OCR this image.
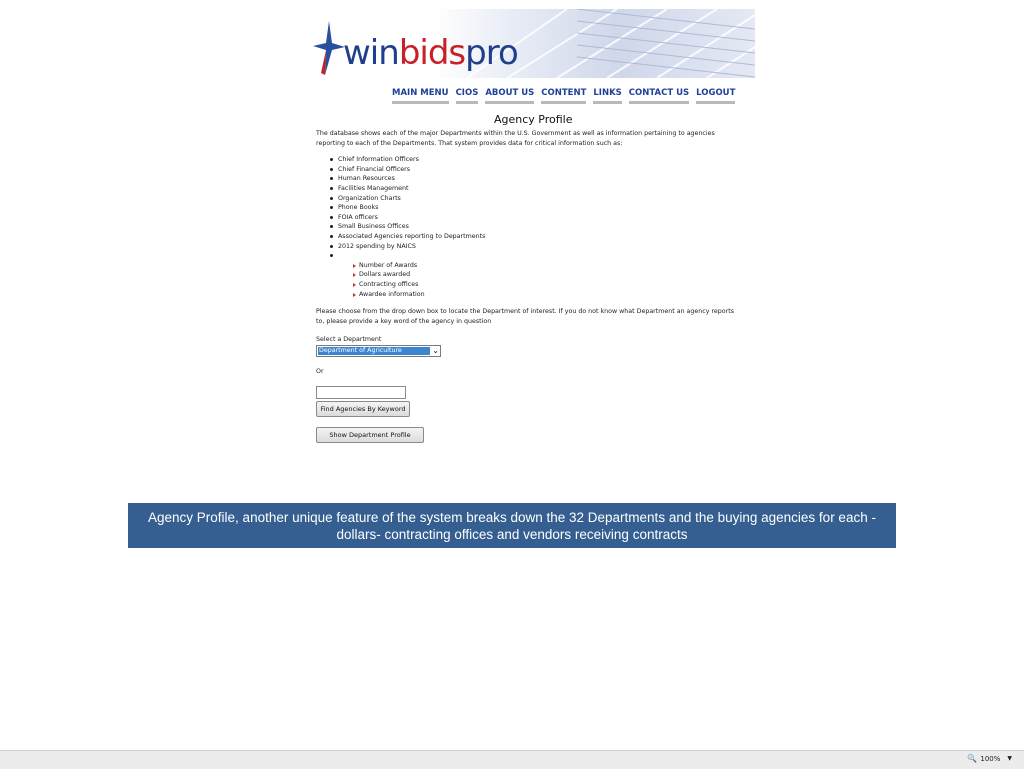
winbidspro
MAIN MENU CIOS ABOUT US CONTENT LINKS CONTACT US LOGOUT
Agency Profile

The database shows each of the major Departments within the U.S. Government as well as information pertaining to agencies reporting to each of the Departments. That system provides data for critical information such as:

Chief Information Officers
Chief Financial Officers
Human Resources
Facilities Management
Organization Charts
Phone Books
FOIA officers
Small Business Offices
Associated Agencies reporting to Departments
2012 spending by NAICS
Number of Awards
Dollars awarded
Contracting offices
Awardee information

Please choose from the drop down box to locate the Department of interest. If you do not know what Department an agency reports to, please provide a key word of the agency in question

Select a Department
Department of Agriculture	⌄
Or
Find Agencies By Keyword
Show Department Profile
Agency Profile, another unique feature of the system breaks down the 32 Departments and the buying agencies for each - dollars- contracting offices and vendors receiving contracts
🔍 100% ▼
